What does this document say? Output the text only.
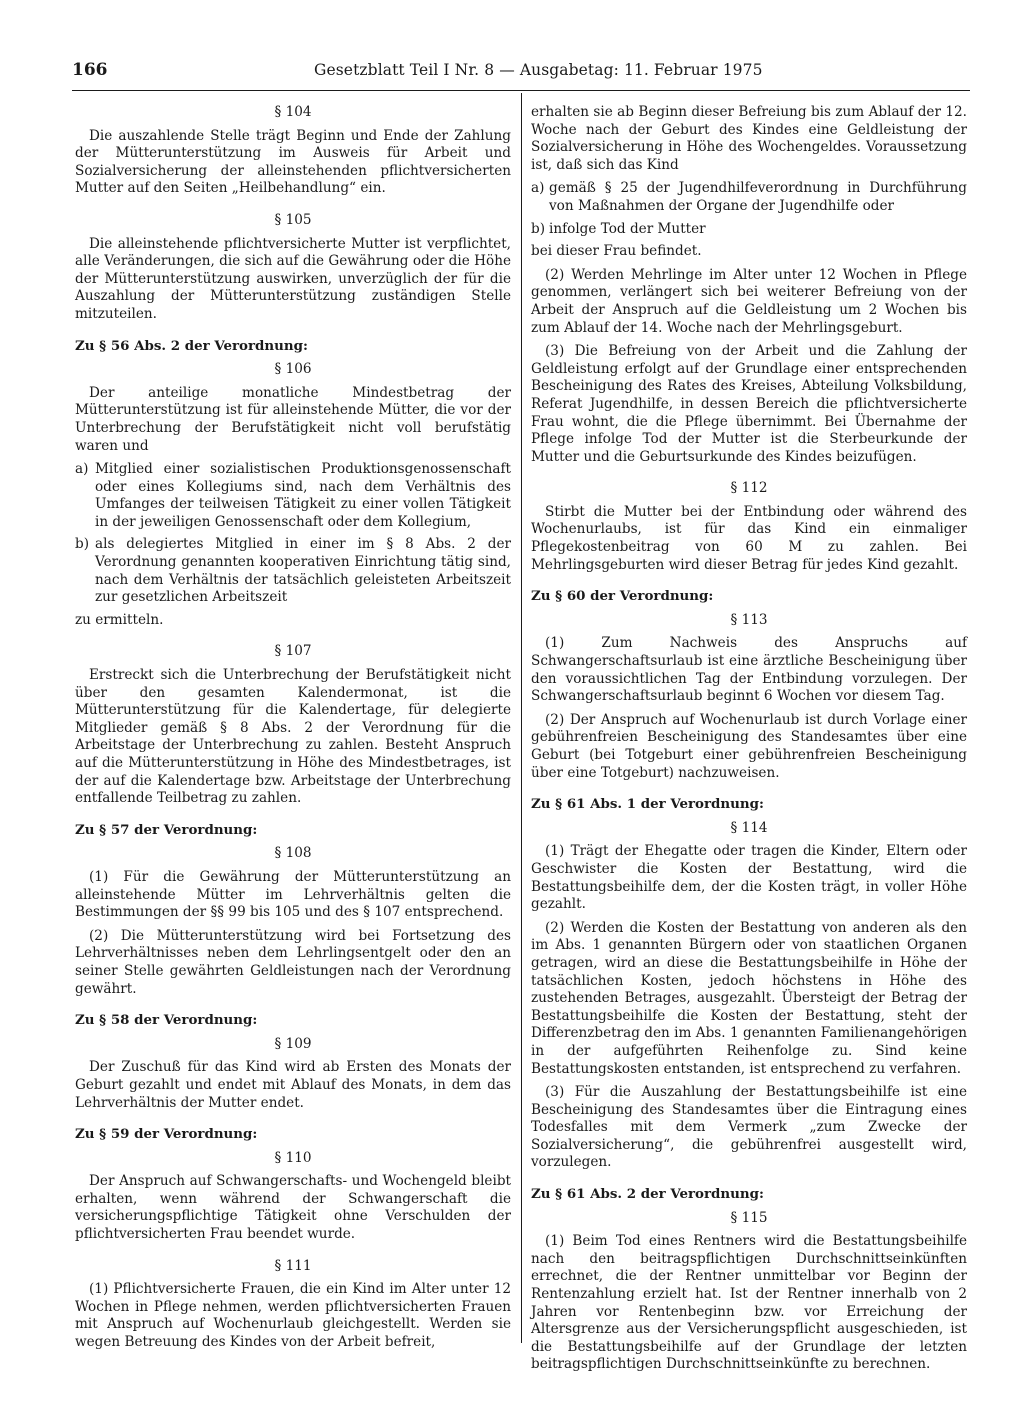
166	Gesetzblatt Teil I Nr. 8 — Ausgabetag: 11. Februar 1975
§ 104

Die auszahlende Stelle trägt Beginn und Ende der Zahlung der Mütterunterstützung im Ausweis für Arbeit und Sozialversicherung der alleinstehenden pflichtversicherten Mutter auf den Seiten „Heilbehandlung“ ein.

§ 105

Die alleinstehende pflichtversicherte Mutter ist verpflichtet, alle Veränderungen, die sich auf die Gewährung oder die Höhe der Mütterunterstützung auswirken, unverzüglich der für die Auszahlung der Mütterunterstützung zuständigen Stelle mitzuteilen.

Zu § 56 Abs. 2 der Verordnung:
§ 106

Der anteilige monatliche Mindestbetrag der Mütterunterstützung ist für alleinstehende Mütter, die vor der Unterbrechung der Berufstätigkeit nicht voll berufstätig waren und

a) Mitglied einer sozialistischen Produktionsgenossenschaft oder eines Kollegiums sind, nach dem Verhältnis des Umfanges der teilweisen Tätigkeit zu einer vollen Tätigkeit in der jeweiligen Genossenschaft oder dem Kollegium,
b) als delegiertes Mitglied in einer im § 8 Abs. 2 der Verordnung genannten kooperativen Einrichtung tätig sind, nach dem Verhältnis der tatsächlich geleisteten Arbeitszeit zur gesetzlichen Arbeitszeit

zu ermitteln.

§ 107

Erstreckt sich die Unterbrechung der Berufstätigkeit nicht über den gesamten Kalendermonat, ist die Mütterunterstützung für die Kalendertage, für delegierte Mitglieder gemäß § 8 Abs. 2 der Verordnung für die Arbeitstage der Unterbrechung zu zahlen. Besteht Anspruch auf die Mütterunterstützung in Höhe des Mindestbetrages, ist der auf die Kalendertage bzw. Arbeitstage der Unterbrechung entfallende Teilbetrag zu zahlen.

Zu § 57 der Verordnung:
§ 108

(1) Für die Gewährung der Mütterunterstützung an alleinstehende Mütter im Lehrverhältnis gelten die Bestimmungen der §§ 99 bis 105 und des § 107 entsprechend.

(2) Die Mütterunterstützung wird bei Fortsetzung des Lehrverhältnisses neben dem Lehrlingsentgelt oder den an seiner Stelle gewährten Geldleistungen nach der Verordnung gewährt.

Zu § 58 der Verordnung:
§ 109

Der Zuschuß für das Kind wird ab Ersten des Monats der Geburt gezahlt und endet mit Ablauf des Monats, in dem das Lehrverhältnis der Mutter endet.

Zu § 59 der Verordnung:
§ 110

Der Anspruch auf Schwangerschafts- und Wochengeld bleibt erhalten, wenn während der Schwangerschaft die versicherungspflichtige Tätigkeit ohne Verschulden der pflichtversicherten Frau beendet wurde.

§ 111

(1) Pflichtversicherte Frauen, die ein Kind im Alter unter 12 Wochen in Pflege nehmen, werden pflichtversicherten Frauen mit Anspruch auf Wochenurlaub gleichgestellt. Werden sie wegen Betreuung des Kindes von der Arbeit befreit,

erhalten sie ab Beginn dieser Befreiung bis zum Ablauf der 12. Woche nach der Geburt des Kindes eine Geldleistung der Sozialversicherung in Höhe des Wochengeldes. Voraussetzung ist, daß sich das Kind

a) gemäß § 25 der Jugendhilfeverordnung in Durchführung von Maßnahmen der Organe der Jugendhilfe oder
b) infolge Tod der Mutter

bei dieser Frau befindet.

(2) Werden Mehrlinge im Alter unter 12 Wochen in Pflege genommen, verlängert sich bei weiterer Befreiung von der Arbeit der Anspruch auf die Geldleistung um 2 Wochen bis zum Ablauf der 14. Woche nach der Mehrlingsgeburt.

(3) Die Befreiung von der Arbeit und die Zahlung der Geldleistung erfolgt auf der Grundlage einer entsprechenden Bescheinigung des Rates des Kreises, Abteilung Volksbildung, Referat Jugendhilfe, in dessen Bereich die pflichtversicherte Frau wohnt, die die Pflege übernimmt. Bei Übernahme der Pflege infolge Tod der Mutter ist die Sterbeurkunde der Mutter und die Geburtsurkunde des Kindes beizufügen.

§ 112

Stirbt die Mutter bei der Entbindung oder während des Wochenurlaubs, ist für das Kind ein einmaliger Pflegekostenbeitrag von 60 M zu zahlen. Bei Mehrlingsgeburten wird dieser Betrag für jedes Kind gezahlt.

Zu § 60 der Verordnung:
§ 113

(1) Zum Nachweis des Anspruchs auf Schwangerschaftsurlaub ist eine ärztliche Bescheinigung über den voraussichtlichen Tag der Entbindung vorzulegen. Der Schwangerschaftsurlaub beginnt 6 Wochen vor diesem Tag.

(2) Der Anspruch auf Wochenurlaub ist durch Vorlage einer gebührenfreien Bescheinigung des Standesamtes über eine Geburt (bei Totgeburt einer gebührenfreien Bescheinigung über eine Totgeburt) nachzuweisen.

Zu § 61 Abs. 1 der Verordnung:
§ 114

(1) Trägt der Ehegatte oder tragen die Kinder, Eltern oder Geschwister die Kosten der Bestattung, wird die Bestattungsbeihilfe dem, der die Kosten trägt, in voller Höhe gezahlt.

(2) Werden die Kosten der Bestattung von anderen als den im Abs. 1 genannten Bürgern oder von staatlichen Organen getragen, wird an diese die Bestattungsbeihilfe in Höhe der tatsächlichen Kosten, jedoch höchstens in Höhe des zustehenden Betrages, ausgezahlt. Übersteigt der Betrag der Bestattungsbeihilfe die Kosten der Bestattung, steht der Differenzbetrag den im Abs. 1 genannten Familienangehörigen in der aufgeführten Reihenfolge zu. Sind keine Bestattungskosten entstanden, ist entsprechend zu verfahren.

(3) Für die Auszahlung der Bestattungsbeihilfe ist eine Bescheinigung des Standesamtes über die Eintragung eines Todesfalles mit dem Vermerk „zum Zwecke der Sozialversicherung“, die gebührenfrei ausgestellt wird, vorzulegen.

Zu § 61 Abs. 2 der Verordnung:
§ 115

(1) Beim Tod eines Rentners wird die Bestattungsbeihilfe nach den beitragspflichtigen Durchschnittseinkünften errechnet, die der Rentner unmittelbar vor Beginn der Rentenzahlung erzielt hat. Ist der Rentner innerhalb von 2 Jahren vor Rentenbeginn bzw. vor Erreichung der Altersgrenze aus der Versicherungspflicht ausgeschieden, ist die Bestattungsbeihilfe auf der Grundlage der letzten beitragspflichtigen Durchschnittseinkünfte zu berechnen.
